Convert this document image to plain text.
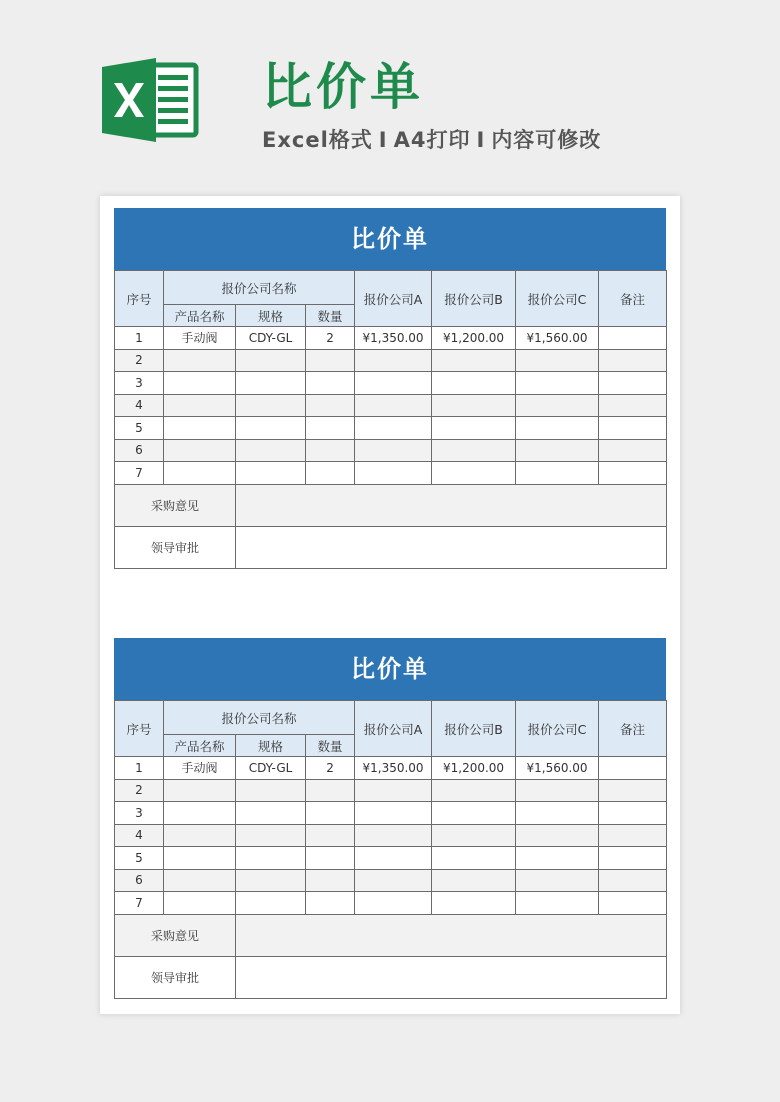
比价单

Excel格式 I A4打印 I 内容可修改

比价单
序号	报价公司名称			报价公司A	报价公司B	报价公司C	备注
	产品名称	规格	数量				
1	手动阀	CDY-GL	2	¥1,350.00	¥1,200.00	¥1,560.00	
2							
3							
4							
5							
6							
7							
采购意见							
领导审批							
比价单
序号	报价公司名称			报价公司A	报价公司B	报价公司C	备注
	产品名称	规格	数量				
1	手动阀	CDY-GL	2	¥1,350.00	¥1,200.00	¥1,560.00	
2							
3							
4							
5							
6							
7							
采购意见							
领导审批							
